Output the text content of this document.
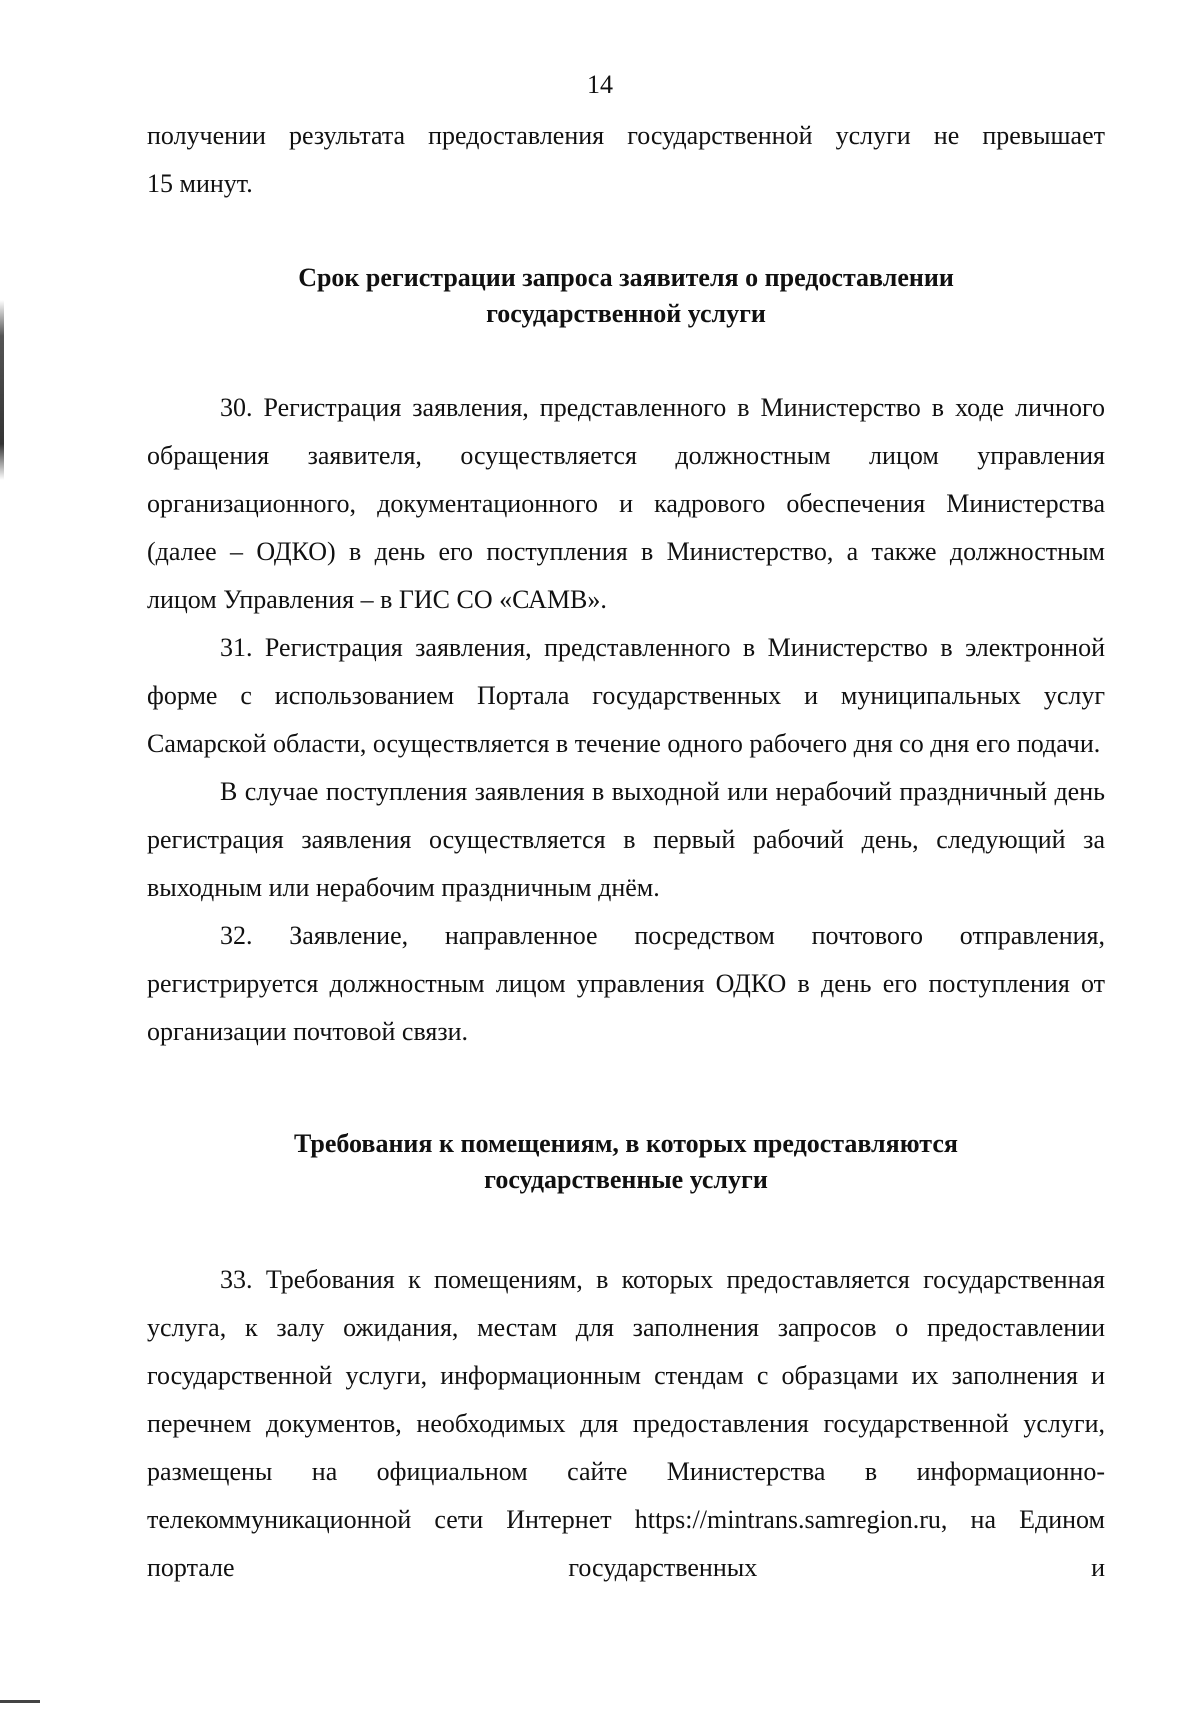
14

получении результата предоставления государственной услуги не превышает

15 минут.

Срок регистрации запроса заявителя о предоставлении

государственной услуги

30. Регистрация заявления, представленного в Министерство в ходе личного обращения заявителя, осуществляется должностным лицом управления организационного, документационного и кадрового обеспечения Министерства (далее – ОДКО) в день его поступления в Министерство, а также должностным лицом Управления – в ГИС СО «САМВ».

31. Регистрация заявления, представленного в Министерство в электронной форме с использованием Портала государственных и муниципальных услуг Самарской области, осуществляется в течение одного рабочего дня со дня его подачи.

В случае поступления заявления в выходной или нерабочий праздничный день регистрация заявления осуществляется в первый рабочий день, следующий за выходным или нерабочим праздничным днём.

32. Заявление, направленное посредством почтового отправления, регистрируется должностным лицом управления ОДКО в день его поступления от организации почтовой связи.

Требования к помещениям, в которых предоставляются

государственные услуги

33. Требования к помещениям, в которых предоставляется государственная услуга, к залу ожидания, местам для заполнения запросов о предоставлении государственной услуги, информационным стендам с образцами их заполнения и перечнем документов, необходимых для предоставления государственной услуги, размещены на официальном сайте Министерства в информационно-телекоммуникационной сети Интернет https://mintrans.samregion.ru, на Едином портале государственных и
